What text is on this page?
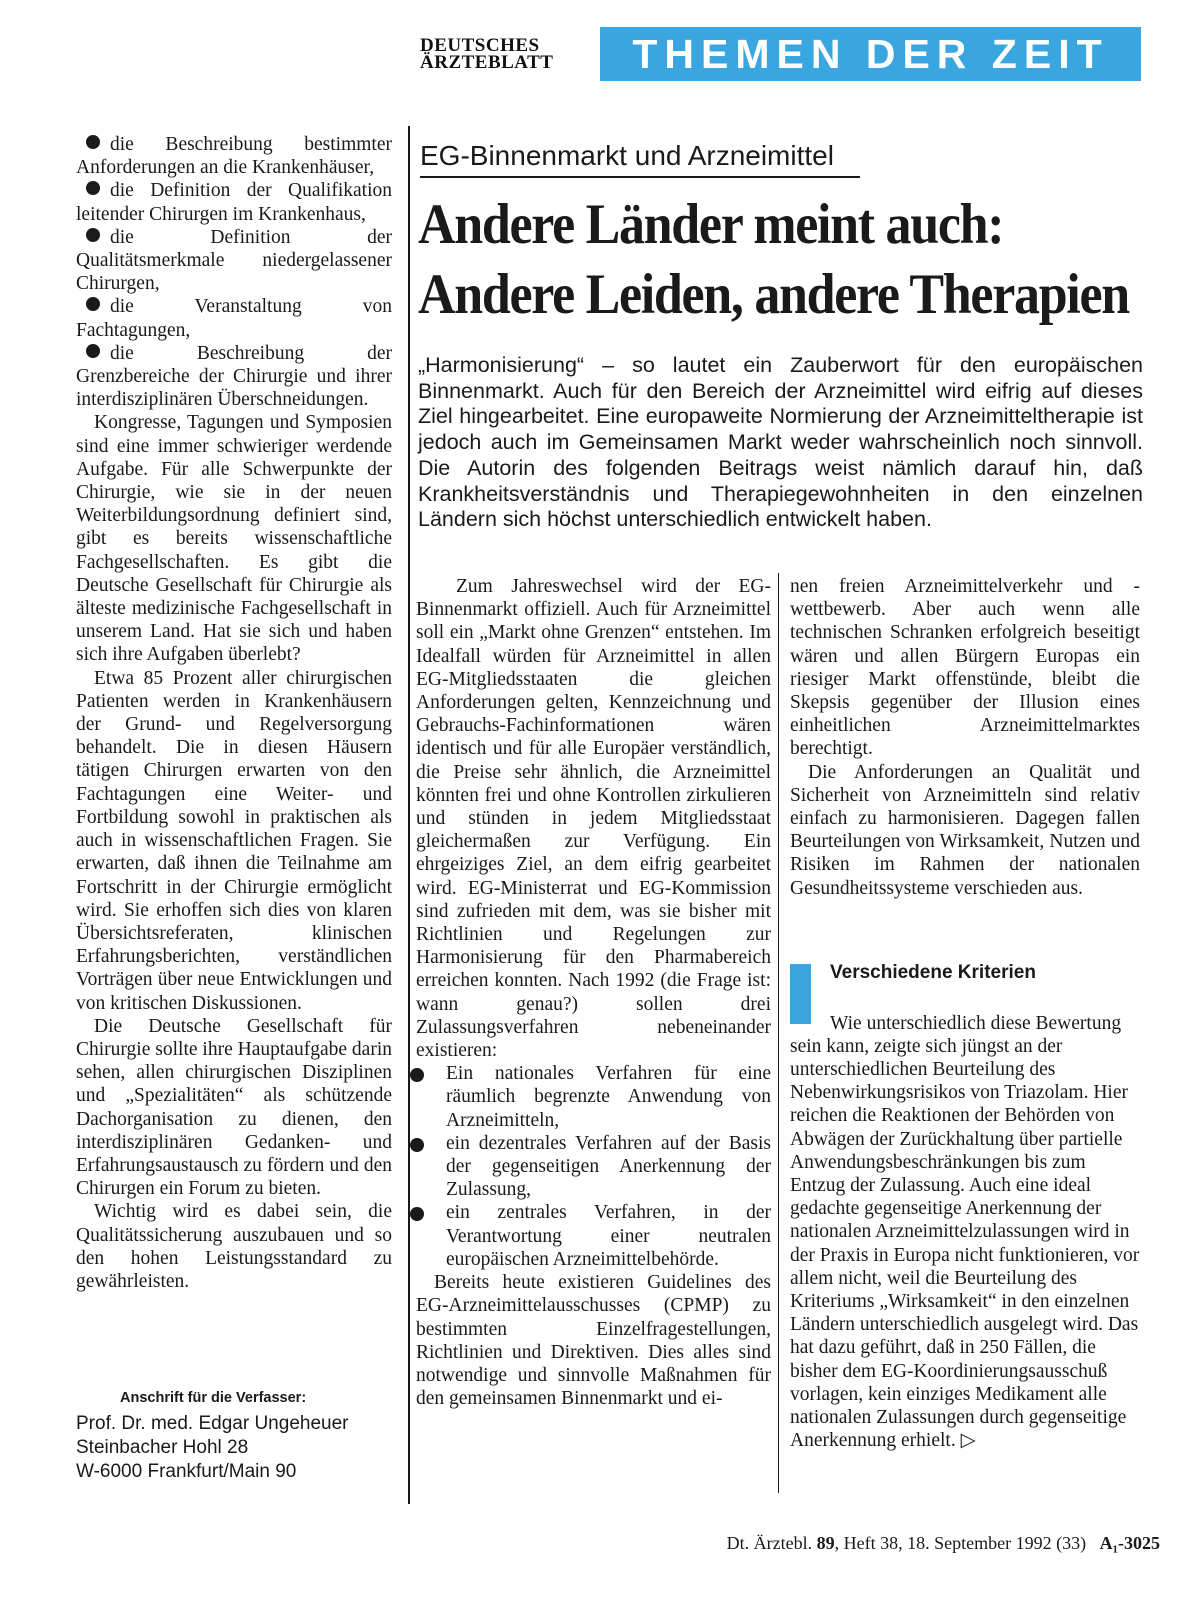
DEUTSCHES
ÄRZTEBLATT	THEMEN DER ZEIT

die Beschreibung bestimmter Anforderungen an die Krankenhäuser,

die Definition der Qualifikation leitender Chirurgen im Krankenhaus,

die Definition der Qualitätsmerkmale niedergelassener Chirurgen,

die Veranstaltung von Fachtagungen,

die Beschreibung der Grenzbereiche der Chirurgie und ihrer interdisziplinären Überschneidungen.

Kongresse, Tagungen und Symposien sind eine immer schwieriger werdende Aufgabe. Für alle Schwerpunkte der Chirurgie, wie sie in der neuen Weiterbildungsordnung definiert sind, gibt es bereits wissenschaftliche Fachgesellschaften. Es gibt die Deutsche Gesellschaft für Chirurgie als älteste medizinische Fachgesellschaft in unserem Land. Hat sie sich und haben sich ihre Aufgaben überlebt?

Etwa 85 Prozent aller chirurgischen Patienten werden in Krankenhäusern der Grund- und Regelversorgung behandelt. Die in diesen Häusern tätigen Chirurgen erwarten von den Fachtagungen eine Weiter- und Fortbildung sowohl in praktischen als auch in wissenschaftlichen Fragen. Sie erwarten, daß ihnen die Teilnahme am Fortschritt in der Chirurgie ermöglicht wird. Sie erhoffen sich dies von klaren Übersichtsreferaten, klinischen Erfahrungsberichten, verständlichen Vorträgen über neue Entwicklungen und von kritischen Diskussionen.

Die Deutsche Gesellschaft für Chirurgie sollte ihre Hauptaufgabe darin sehen, allen chirurgischen Disziplinen und „Spezialitäten“ als schützende Dachorganisation zu dienen, den interdisziplinären Gedanken- und Erfahrungsaustausch zu fördern und den Chirurgen ein Forum zu bieten.

Wichtig wird es dabei sein, die Qualitätssicherung auszubauen und so den hohen Leistungsstandard zu gewährleisten.

Anschrift für die Verfasser:
Prof. Dr. med. Edgar Ungeheuer
Steinbacher Hohl 28
W-6000 Frankfurt/Main 90
EG-Binnenmarkt und Arzneimittel
Andere Länder meint auch:
Andere Leiden, andere Therapien
„Harmonisierung“ – so lautet ein Zauberwort für den europäischen Binnenmarkt. Auch für den Bereich der Arzneimittel wird eifrig auf dieses Ziel hingearbeitet. Eine europaweite Normierung der Arzneimitteltherapie ist jedoch auch im Gemeinsamen Markt weder wahrscheinlich noch sinnvoll. Die Autorin des folgenden Beitrags weist nämlich darauf hin, daß Krankheitsverständnis und Therapiegewohnheiten in den einzelnen Ländern sich höchst unterschiedlich entwickelt haben.

Zum Jahreswechsel wird der EG-Binnenmarkt offiziell. Auch für Arzneimittel soll ein „Markt ohne Grenzen“ entstehen. Im Idealfall würden für Arzneimittel in allen EG-Mitgliedsstaaten die gleichen Anforderungen gelten, Kennzeichnung und Gebrauchs-Fachinformationen wären identisch und für alle Europäer verständlich, die Preise sehr ähnlich, die Arzneimittel könnten frei und ohne Kontrollen zirkulieren und stünden in jedem Mitgliedsstaat gleichermaßen zur Verfügung. Ein ehrgeiziges Ziel, an dem eifrig gearbeitet wird. EG-Ministerrat und EG-Kommission sind zufrieden mit dem, was sie bisher mit Richtlinien und Regelungen zur Harmonisierung für den Pharmabereich erreichen konnten. Nach 1992 (die Frage ist: wann genau?) sollen drei Zulassungsverfahren nebeneinander existieren:

Ein nationales Verfahren für eine räumlich begrenzte Anwendung von Arzneimitteln,
ein dezentrales Verfahren auf der Basis der gegenseitigen Anerkennung der Zulassung,
ein zentrales Verfahren, in der Verantwortung einer neutralen europäischen Arzneimittelbehörde.

Bereits heute existieren Guidelines des EG-Arzneimittelausschusses (CPMP) zu bestimmten Einzelfragestellungen, Richtlinien und Direktiven. Dies alles sind notwendige und sinnvolle Maßnahmen für den gemeinsamen Binnenmarkt und ei-

nen freien Arzneimittelverkehr und -wettbewerb. Aber auch wenn alle technischen Schranken erfolgreich beseitigt wären und allen Bürgern Europas ein riesiger Markt offenstünde, bleibt die Skepsis gegenüber der Illusion eines einheitlichen Arzneimittelmarktes berechtigt.

Die Anforderungen an Qualität und Sicherheit von Arzneimitteln sind relativ einfach zu harmonisieren. Dagegen fallen Beurteilungen von Wirksamkeit, Nutzen und Risiken im Rahmen der nationalen Gesundheitssysteme verschieden aus.

Verschiedene Kriterien

Wie unterschiedlich diese Bewertung sein kann, zeigte sich jüngst an der unterschiedlichen Beurteilung des Nebenwirkungsrisikos von Triazolam. Hier reichen die Reaktionen der Behörden von Abwägen der Zurückhaltung über partielle Anwendungsbeschränkungen bis zum Entzug der Zulassung. Auch eine ideal gedachte gegenseitige Anerkennung der nationalen Arzneimittelzulassungen wird in der Praxis in Europa nicht funktionieren, vor allem nicht, weil die Beurteilung des Kriteriums „Wirksamkeit“ in den einzelnen Ländern unterschiedlich ausgelegt wird. Das hat dazu geführt, daß in 250 Fällen, die bisher dem EG-Koordinierungsausschuß vorlagen, kein einziges Medikament alle nationalen Zulassungen durch gegenseitige Anerkennung erhielt. ▷

Dt. Ärztebl. 89, Heft 38, 18. September 1992 (33) A₁-3025
